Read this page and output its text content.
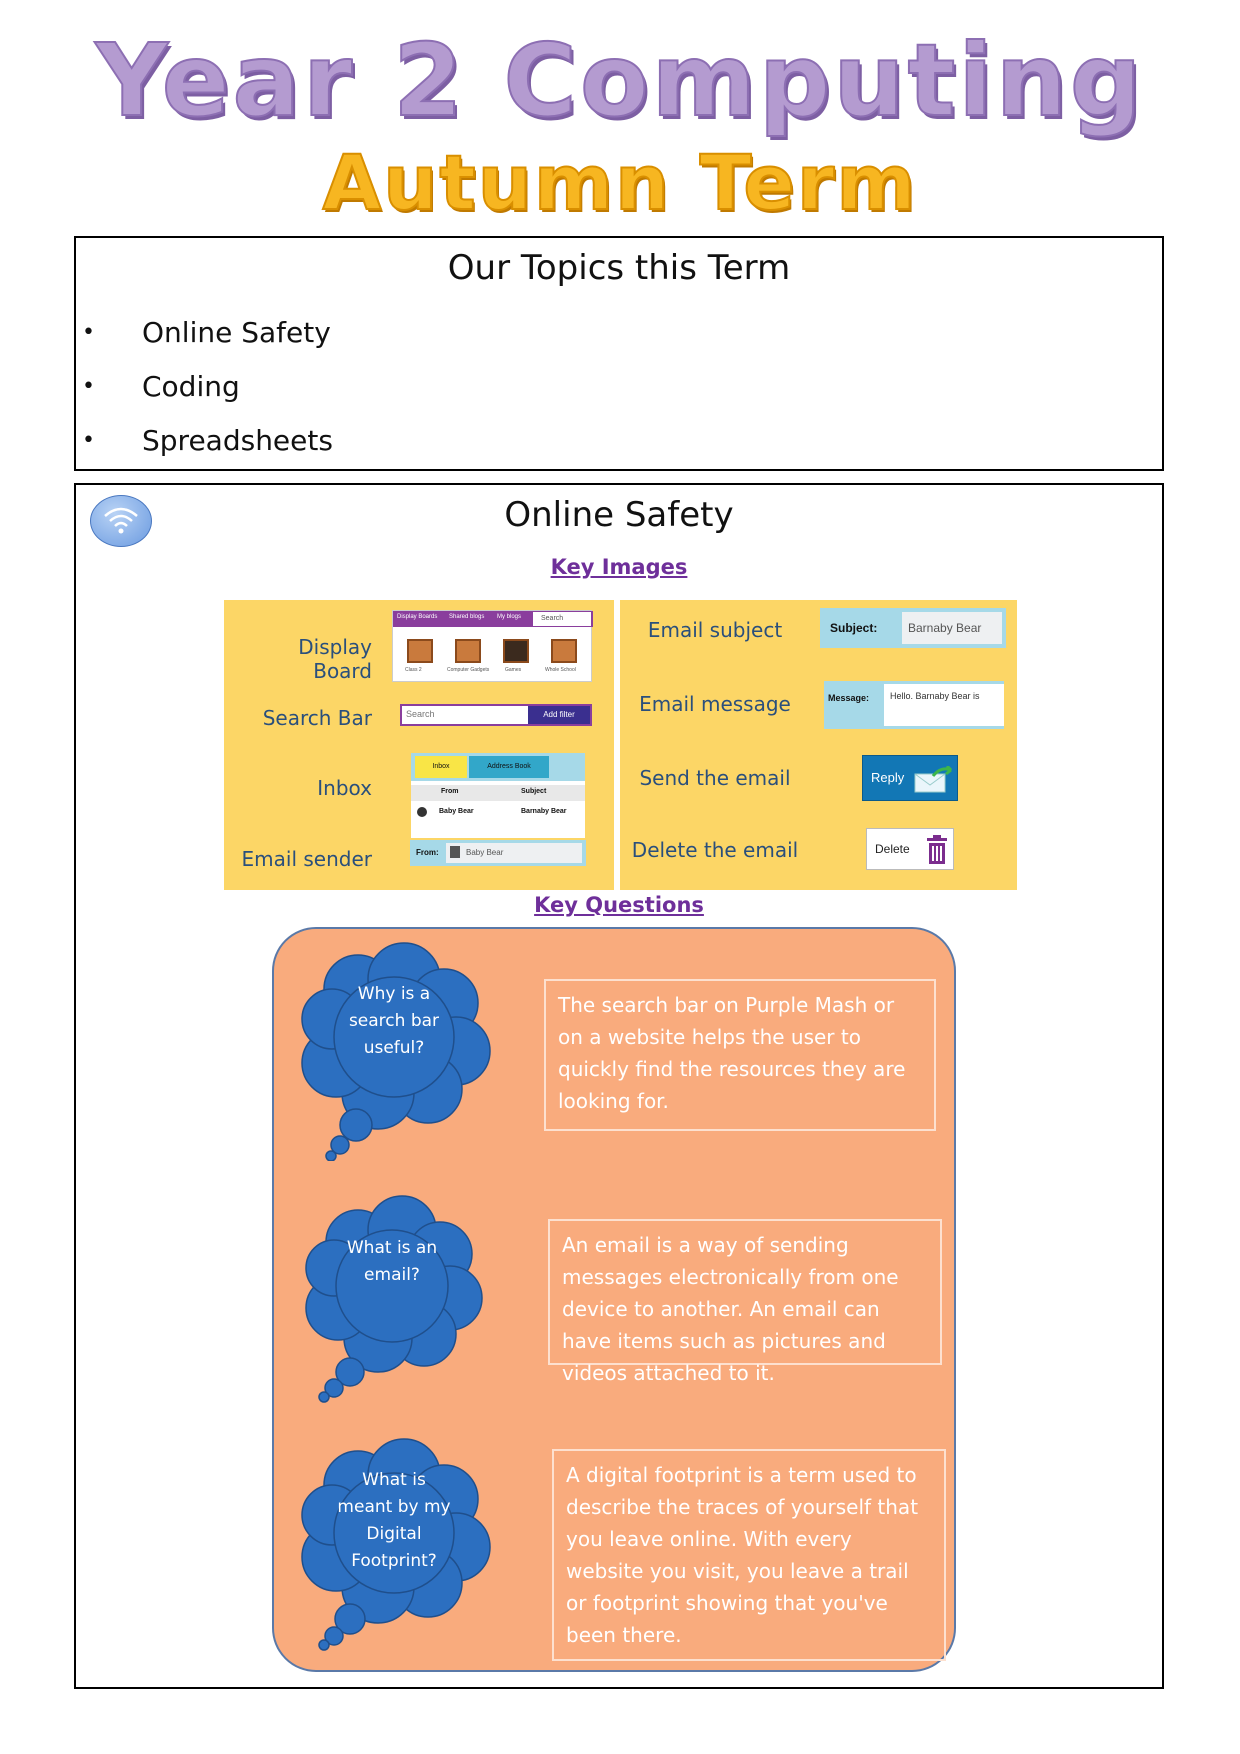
Year 2 Computing
Autumn Term
Our Topics this Term
• Online Safety
• Coding
• Spreadsheets
Online Safety
Key Images
Display Board
Search Bar
Inbox
Email sender
Display Boards Shared blogs My blogs	Search
Class 2	Computer Gadgets	Games	Whole School
Search	Add filter
Inbox	Address Book
From	Subject
Baby Bear	Barnaby Bear
From:	Baby Bear
Email subject
Email message
Send the email
Delete the email
Subject:	Barnaby Bear
Message: Hello. Barnaby Bear is
Reply
Delete
Key Questions
Why is a search bar useful?
The search bar on Purple Mash or on a website helps the user to quickly find the resources they are looking for.
What is an email?
An email is a way of sending messages electronically from one device to another. An email can have items such as pictures and videos attached to it.
What is meant by my Digital Footprint?
A digital footprint is a term used to describe the traces of yourself that you leave online. With every website you visit, you leave a trail or footprint showing that you've been there.
